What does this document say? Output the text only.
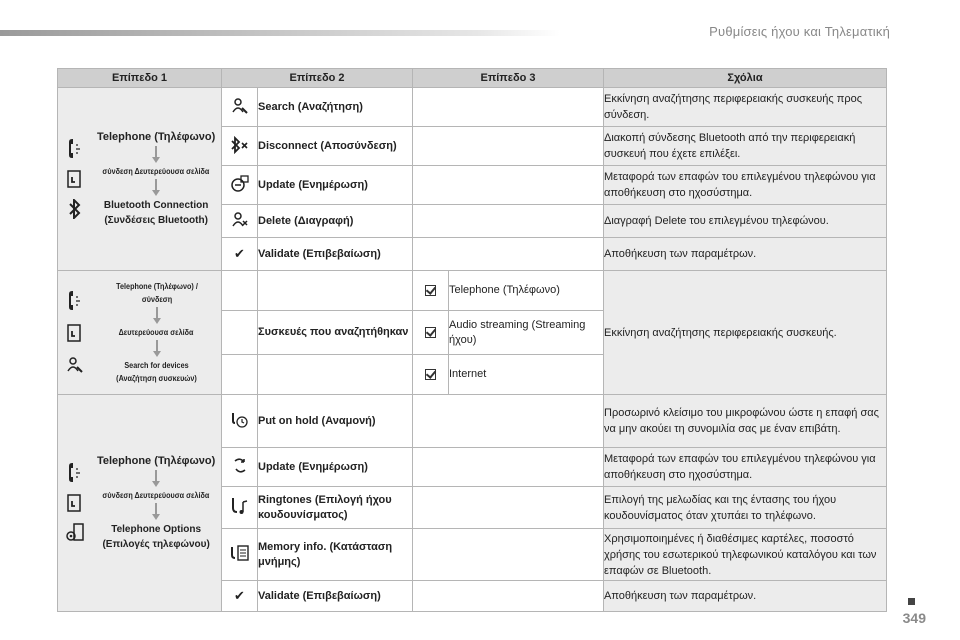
Ρυθμίσεις ήχου και Τηλεματική
Επίπεδο 1	Επίπεδο 2		Επίπεδο 3		Σχόλια

Telephone (Τηλέφωνο)
σύνδεση Δευτερεύουσα σελίδα
Bluetooth Connection (Συνδέσεις Bluetooth)		Search (Αναζήτηση)			Εκκίνηση αναζήτησης περιφερειακής συσκευής προς σύνδεση.
	Disconnect (Αποσύνδεση)			Διακοπή σύνδεσης Bluetooth από την περιφερειακή συσκευή που έχετε επιλέξει.
	Update (Ενημέρωση)			Μεταφορά των επαφών του επιλεγμένου τηλεφώνου για αποθήκευση στο ηχοσύστημα.
	Delete (Διαγραφή)			Διαγραφή Delete του επιλεγμένου τηλεφώνου.
	✔	Validate (Επιβεβαίωση)			Αποθήκευση των παραμέτρων.

Telephone (Τηλέφωνο) / σύνδεση
Δευτερεύουσα σελίδα
Search for devices (Αναζήτηση συσκευών)				Telephone (Τηλέφωνο)	Εκκίνηση αναζήτησης περιφερειακής συσκευής.
		Συσκευές που αναζητήθηκαν		Audio streaming (Streaming ήχου)	
				Internet	

Telephone (Τηλέφωνο)
σύνδεση Δευτερεύουσα σελίδα
Telephone Options (Επιλογές τηλεφώνου)		Put on hold (Αναμονή)			Προσωρινό κλείσιμο του μικροφώνου ώστε η επαφή σας να μην ακούει τη συνομιλία σας με έναν επιβάτη.
	Update (Ενημέρωση)			Μεταφορά των επαφών του επιλεγμένου τηλεφώνου για αποθήκευση στο ηχοσύστημα.
	Ringtones (Επιλογή ήχου κουδουνίσματος)			Επιλογή της μελωδίας και της έντασης του ήχου κουδουνίσματος όταν χτυπάει το τηλέφωνο.
	Memory info. (Κατάσταση μνήμης)			Χρησιμοποιημένες ή διαθέσιμες καρτέλες, ποσοστό χρήσης του εσωτερικού τηλεφωνικού καταλόγου και των επαφών σε Bluetooth.
	✔	Validate (Επιβεβαίωση)			Αποθήκευση των παραμέτρων.
349
